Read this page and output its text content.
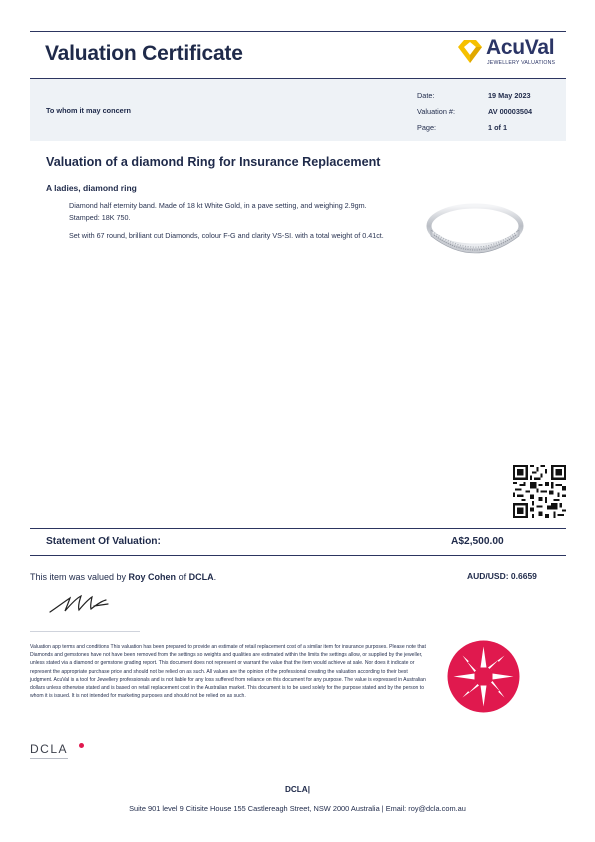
Valuation Certificate	AcuVal
JEWELLERY VALUATIONS
To whom it may concern
Date:	19 May 2023
Valuation #:	AV 00003504
Page:	1 of 1
Valuation of a diamond Ring for Insurance Replacement
A ladies, diamond ring
Diamond half eternity band. Made of 18 kt White Gold, in a pave setting, and weighing 2.9gm. Stamped: 18K 750.
Set with 67 round, brilliant cut Diamonds, colour F-G and clarity VS-SI. with a total weight of 0.41ct.
Statement Of Valuation:	A$2,500.00
This item was valued by Roy Cohen of DCLA.	AUD/USD: 0.6659
Valuation app terms and conditions This valuation has been prepared to provide an estimate of retail replacement cost of a similar item for insurance purposes. Please note that Diamonds and gemstones have not have been removed from the settings so weights and qualities are estimated within the limits the settings allow, or supplied by the jeweller, unless stated via a diamond or gemstone grading report. This document does not represent or warrant the value that the item would achieve at sale. Nor does it indicate or represent the appropriate purchase price and should not be relied on as such. All values are the opinion of the professional creating the valuation according to their best judgment. AcuVal is a tool for Jewellery professionals and is not liable for any loss suffered from reliance on this document for any purpose. The value is expressed in Australian dollars unless otherwise stated and is based on retail replacement cost in the Australian market. This document is to be used solely for the purpose stated and by the person to whom it is issued. It is not intended for marketing purposes and should not be relied on as such.
DCLA
DCLA|
Suite 901 level 9 Citisite House 155 Castlereagh Street, NSW 2000 Australia | Email: roy@dcla.com.au
